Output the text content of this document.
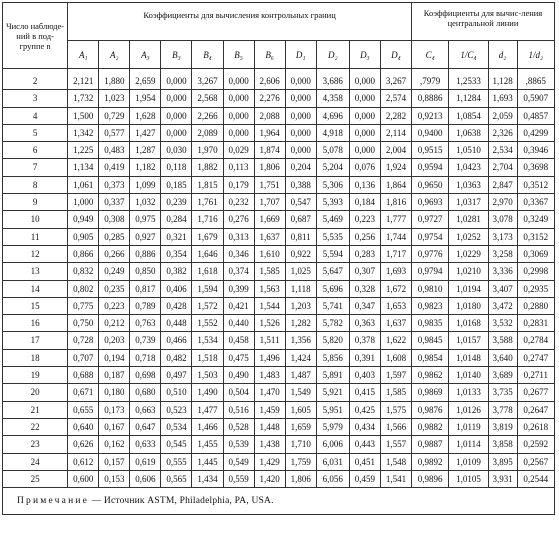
Число наблюде-ний в под-группе n	Коэффициенты для вычисления контрольных границ											Коэффициенты для вычис-ления центральной линии			
	A₁	A₂	A₃	B₃	B₄	B₅	B₆	D₁	D₂	D₃	D₄	C₄	1/C₄	d₂	1/d₂
2	2,121	1,880	2,659	0,000	3,267	0,000	2,606	0,000	3,686	0,000	3,267	,7979	1,2533	1,128	,8865
3	1,732	1,023	1,954	0,000	2,568	0,000	2,276	0,000	4,358	0,000	2,574	0,8886	1,1284	1,693	0,5907
4	1,500	0,729	1,628	0,000	2,266	0,000	2,088	0,000	4,696	0,000	2,282	0,9213	1,0854	2,059	0,4857
5	1,342	0,577	1,427	0,000	2,089	0,000	1,964	0,000	4,918	0,000	2,114	0,9400	1,0638	2,326	0,4299
6	1,225	0,483	1,287	0,030	1,970	0,029	1,874	0,000	5,078	0,000	2,004	0,9515	1,0510	2,534	0,3946
7	1,134	0,419	1,182	0,118	1,882	0,113	1,806	0,204	5,204	0,076	1,924	0,9594	1,0423	2,704	0,3698
8	1,061	0,373	1,099	0,185	1,815	0,179	1,751	0,388	5,306	0,136	1,864	0,9650	1,0363	2,847	0,3512
9	1,000	0,337	1,032	0,239	1,761	0,232	1,707	0,547	5,393	0,184	1,816	0,9693	1,0317	2,970	0,3367
10	0,949	0,308	0,975	0,284	1,716	0,276	1,669	0,687	5,469	0,223	1,777	0,9727	1,0281	3,078	0,3249
11	0,905	0,285	0,927	0,321	1,679	0,313	1,637	0,811	5,535	0,256	1,744	0,9754	1,0252	3,173	0,3152
12	0,866	0,266	0,886	0,354	1,646	0,346	1,610	0,922	5,594	0,283	1,717	0,9776	1,0229	3,258	0,3069
13	0,832	0,249	0,850	0,382	1,618	0,374	1,585	1,025	5,647	0,307	1,693	0,9794	1,0210	3,336	0,2998
14	0,802	0,235	0,817	0,406	1,594	0,399	1,563	1,118	5,696	0,328	1,672	0,9810	1,0194	3,407	0,2935
15	0,775	0,223	0,789	0,428	1,572	0,421	1,544	1,203	5,741	0,347	1,653	0,9823	1,0180	3,472	0,2880
16	0,750	0,212	0,763	0,448	1,552	0,440	1,526	1,282	5,782	0,363	1,637	0,9835	1,0168	3,532	0,2831
17	0,728	0,203	0,739	0,466	1,534	0,458	1,511	1,356	5,820	0,378	1,622	0,9845	1,0157	3,588	0,2784
18	0,707	0,194	0,718	0,482	1,518	0,475	1,496	1,424	5,856	0,391	1,608	0,9854	1,0148	3,640	0,2747
19	0,688	0,187	0,698	0,497	1,503	0,490	1,483	1,487	5,891	0,403	1,597	0,9862	1,0140	3,689	0,2711
20	0,671	0,180	0,680	0,510	1,490	0,504	1,470	1,549	5,921	0,415	1,585	0,9869	1,0133	3,735	0,2677
21	0,655	0,173	0,663	0,523	1,477	0,516	1,459	1,605	5,951	0,425	1,575	0,9876	1,0126	3,778	0,2647
22	0,640	0,167	0,647	0,534	1,466	0,528	1,448	1,659	5,979	0,434	1,566	0,9882	1,0119	3,819	0,2618
23	0,626	0,162	0,633	0,545	1,455	0,539	1,438	1,710	6,006	0,443	1,557	0,9887	1,0114	3,858	0,2592
24	0,612	0,157	0,619	0,555	1,445	0,549	1,429	1,759	6,031	0,451	1,548	0,9892	1,0109	3,895	0,2567
25	0,600	0,153	0,606	0,565	1,434	0,559	1,420	1,806	6,056	0,459	1,541	0,9896	1,0105	3,931	0,2544
Примечание — Источник ASTM, Philadelphia, PA, USA.															
